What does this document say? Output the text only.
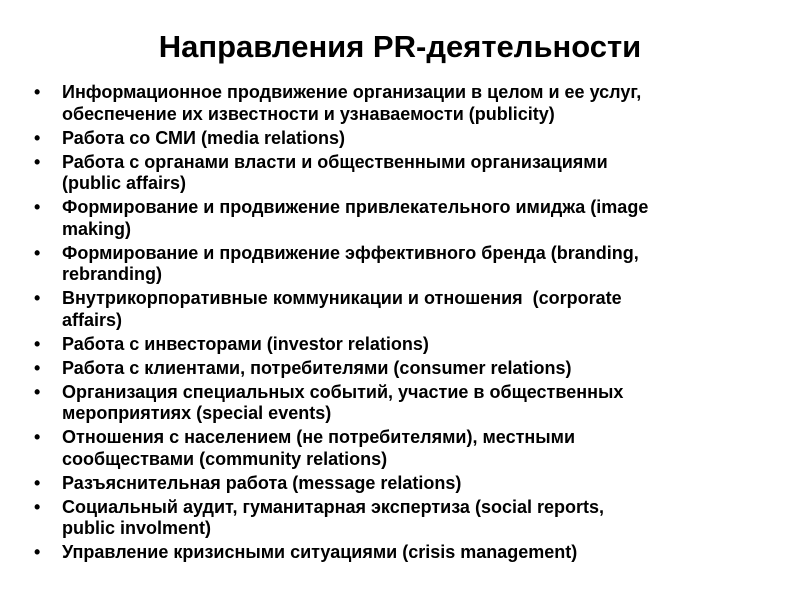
Направления PR-деятельности
•	Информационное продвижение организации в целом и ее услуг,
обеспечение их известности и узнаваемости (publicity)
•	Работа со СМИ (media relations)
•	Работа с органами власти и общественными организациями
(public affairs)
•	Формирование и продвижение привлекательного имиджа (image
making)
•	Формирование и продвижение эффективного бренда (branding,
rebranding)
•	Внутрикорпоративные коммуникации и отношения  (corporate
affairs)
•	Работа с инвесторами (investor relations)
•	Работа с клиентами, потребителями (consumer relations)
•	Организация специальных событий, участие в общественных
мероприятиях (special events)
•	Отношения с населением (не потребителями), местными
сообществами (community relations)
•	Разъяснительная работа (message relations)
•	Социальный аудит, гуманитарная экспертиза (social reports,
public involment)
•	Управление кризисными ситуациями (crisis management)
